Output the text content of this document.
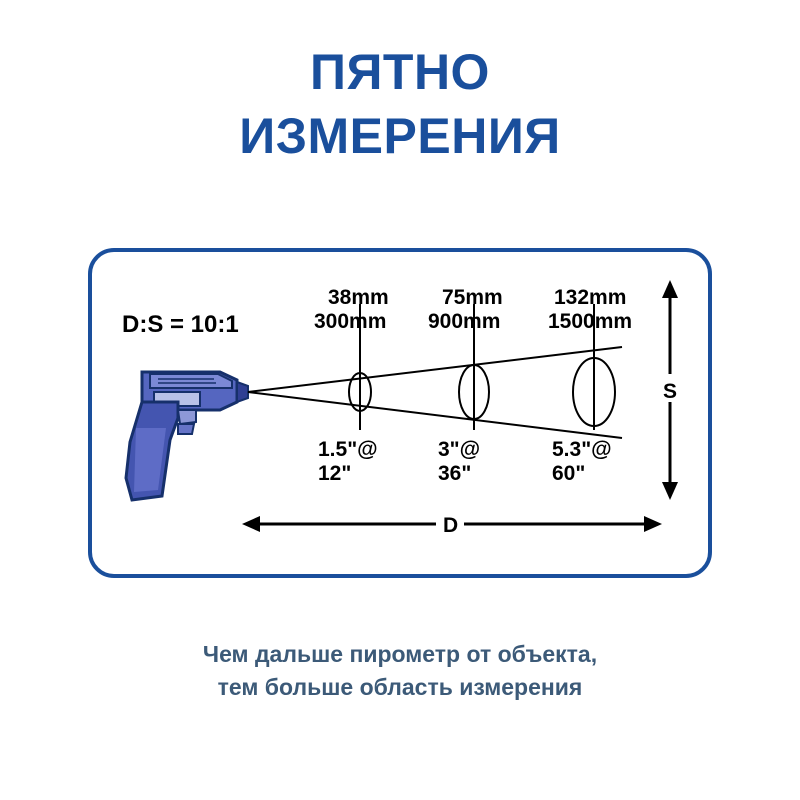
ПЯТНО
ИЗМЕРЕНИЯ
D:S = 10:1
38mm
300mm
75mm
900mm
132mm
1500mm
1.5"@
12"
3"@
36"
5.3"@
60"
D
S
Чем дальше пирометр от объекта,
тем больше область измерения
